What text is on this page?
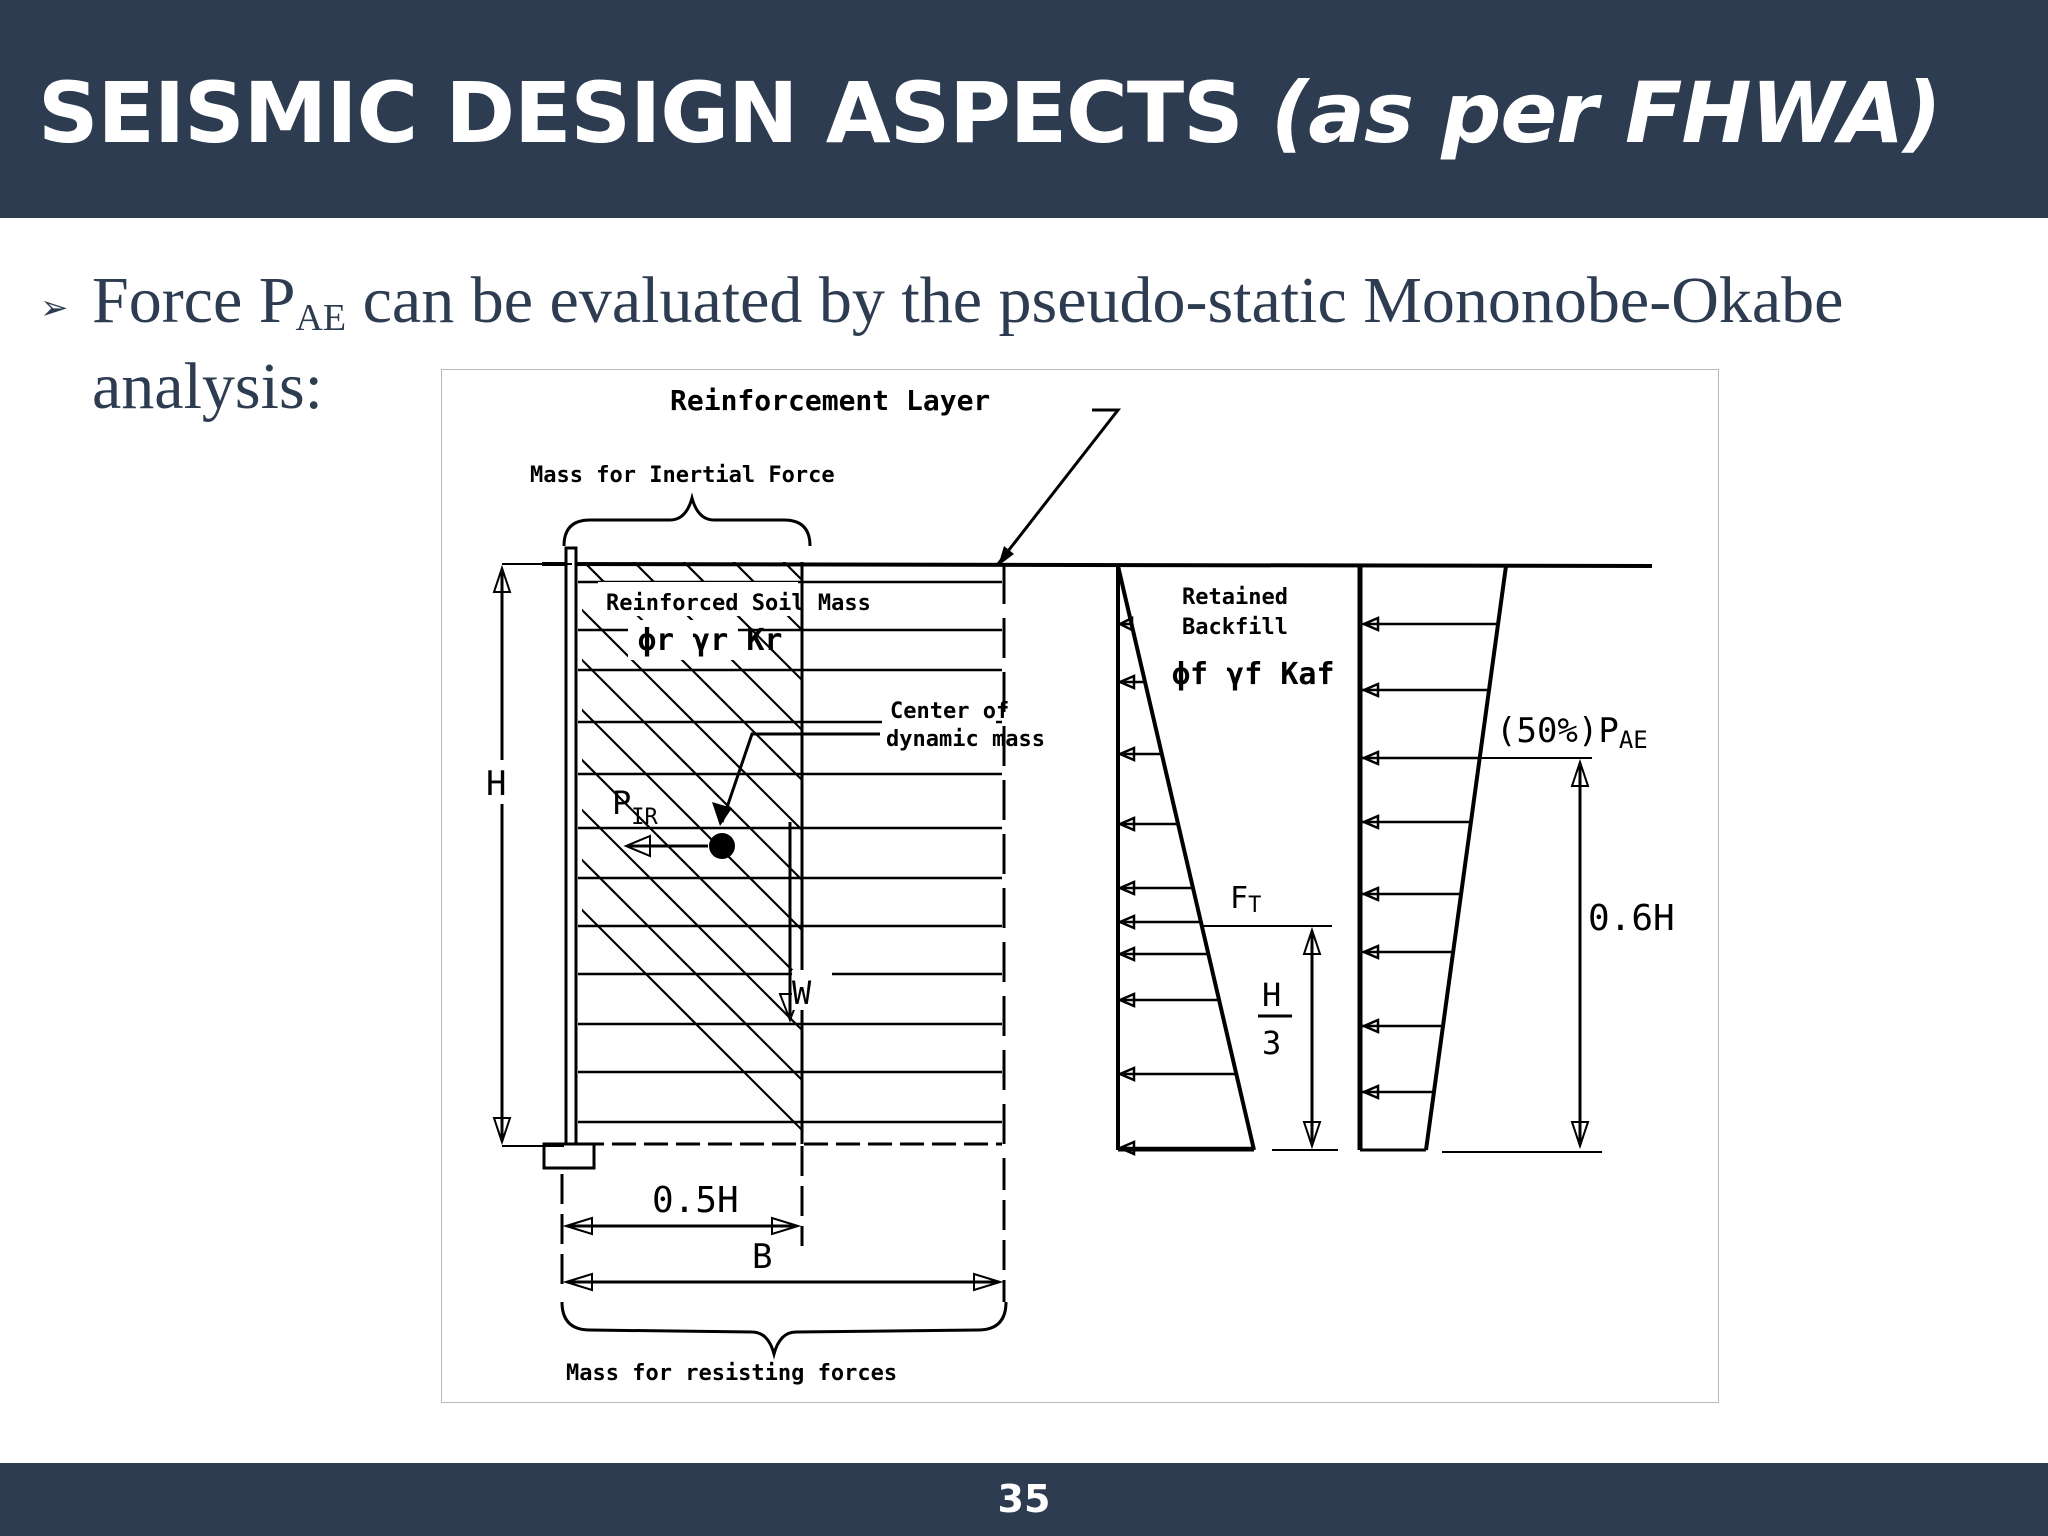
SEISMIC DESIGN ASPECTS (as per FHWA)
➢ Force $P_{AE}$ can be evaluated by the pseudo-static Mononobe-Okabe
analysis:	Reinforcement Layer
Mass for Inertial Force
Reinforced Soil Mass
ϕr γr Kr
H
Center of
dynamic mass
$P_{IR}$
W
0.5H
B
Mass for resisting forces
Retained
Backfill
ϕf γf Kaf
FT
H
3
(50%)PAE
0.6H
35
